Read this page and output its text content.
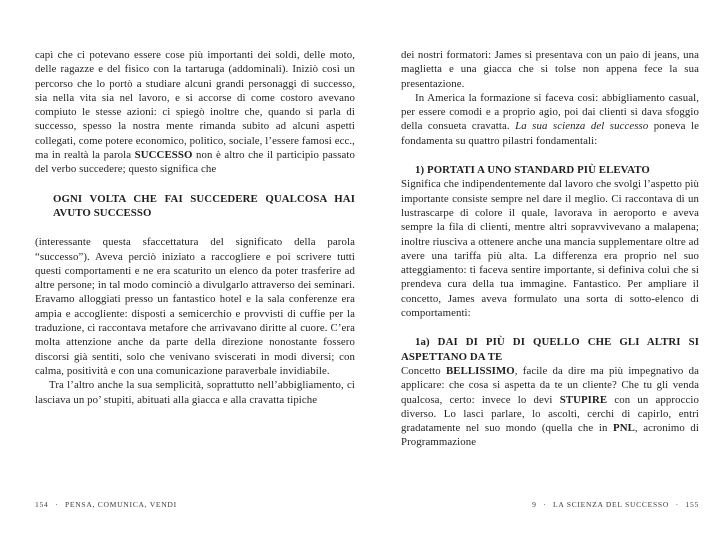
capì che ci potevano essere cose più importanti dei soldi, delle moto, delle ragazze e del fisico con la tartaruga (addominali). Iniziò così un percorso che lo portò a studiare alcuni grandi personaggi di successo, sia nella vita sia nel lavoro, e si accorse di come costoro avevano compiuto le stesse azioni: ci spiegò inoltre che, quando si parla di successo, spesso la nostra mente rimanda subito ad alcuni aspetti collegati, come potere economico, politico, sociale, l’essere famosi ecc., ma in realtà la parola SUCCESSO non è altro che il participio passato del verbo succedere; questo significa che

OGNI VOLTA CHE FAI SUCCEDERE QUALCOSA HAI AVUTO SUCCESSO

(interessante questa sfaccettatura del significato della parola “successo”). Aveva perciò iniziato a raccogliere e poi scrivere tutti questi comportamenti e ne era scaturito un elenco da poter trasferire ad altre persone; in tal modo cominciò a divulgarlo attraverso dei seminari. Eravamo alloggiati presso un fantastico hotel e la sala conferenze era ampia e accogliente: disposti a semicerchio e provvisti di cuffie per la traduzione, ci raccontava metafore che arrivavano diritte al cuore. C’era molta attenzione anche da parte della direzione nonostante fossero discorsi già sentiti, solo che venivano sviscerati in modi diversi; con calma, positività e con una comunicazione paraverbale invidiabile.

Tra l’altro anche la sua semplicità, soprattutto nell’abbigliamento, ci lasciava un po’ stupiti, abituati alla giacca e alla cravatta tipiche

dei nostri formatori: James si presentava con un paio di jeans, una maglietta e una giacca che si tolse non appena fece la sua presentazione.

In America la formazione si faceva così: abbigliamento casual, per essere comodi e a proprio agio, poi dai clienti si dava sfoggio della consueta cravatta. La sua scienza del successo poneva le fondamenta su quattro pilastri fondamentali:

1) PORTATI A UNO STANDARD PIÙ ELEVATO

Significa che indipendentemente dal lavoro che svolgi l’aspetto più importante consiste sempre nel dare il meglio. Ci raccontava di un lustrascarpe di colore il quale, lavorava in aeroporto e aveva sempre la fila di clienti, mentre altri sopravvivevano a malapena; inoltre riusciva a ottenere anche una mancia supplementare oltre ad avere una tariffa più alta. La differenza era proprio nel suo atteggiamento: ti faceva sentire importante, si definiva colui che si prendeva cura della tua immagine. Fantastico. Per ampliare il concetto, James aveva formulato una sorta di sotto-elenco di comportamenti:

1a) DAI DI PIÙ DI QUELLO CHE GLI ALTRI SI ASPETTANO DA TE

Concetto BELLISSIMO, facile da dire ma più impegnativo da applicare: che cosa si aspetta da te un cliente? Che tu gli venda qualcosa, certo: invece lo devi STUPIRE con un approccio diverso. Lo lasci parlare, lo ascolti, cerchi di capirlo, entri gradatamente nel suo mondo (quella che in PNL, acronimo di Programmazione

154 · PENSA, COMUNICA, VENDI	9 · LA SCIENZA DEL SUCCESSO · 155
